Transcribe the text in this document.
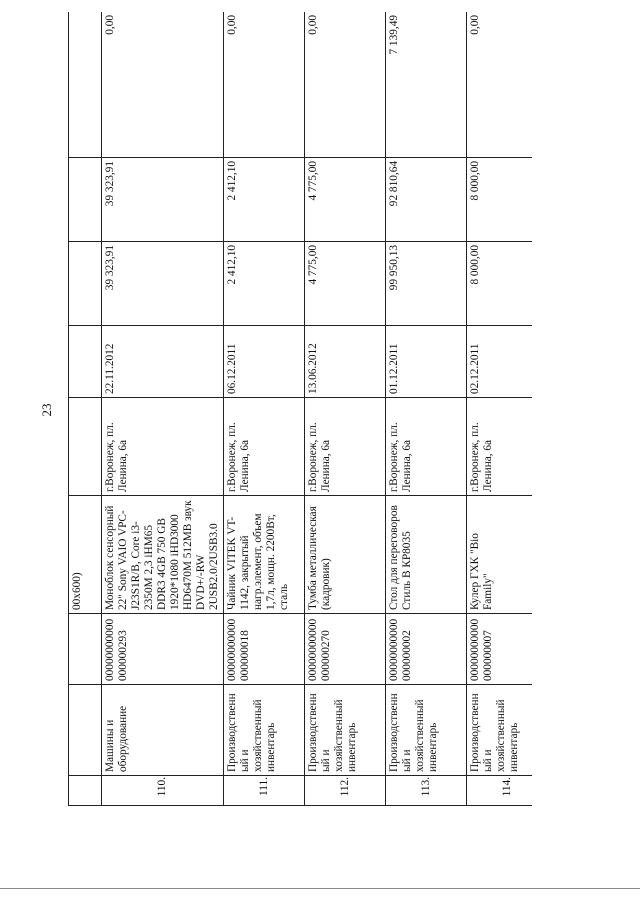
23
			00x600)					
110.	Машины и оборудование	00000000000 000000293	Моноблок сенсорный 22" Sony VAIO VPC-J23S1R/B, Core i3-2350M 2,3 iHM65 DDR3 4GB 750 GB 1920*1080 iHD3000 HD6470M 512MB звук DVD+/-RW 2USB2.0/2USB3.0	г.Воронеж, пл. Ленина, 6а	22.11.2012	39 323,91	39 323,91	0,00
111.	Производственный и хозяйственный инвентарь	00000000000 000000018	Чайник VITEK VT-1142, закрытый нагр.элемент, объем 1,7л, мощн. 2200Вт, сталь	г.Воронеж, пл. Ленина, 6а	06.12.2011	2 412,10	2 412,10	0,00
112.	Производственный и хозяйственный инвентарь	00000000000 000000270	Тумба металлическая (кадровик)	г.Воронеж, пл. Ленина, 6а	13.06.2012	4 775,00	4 775,00	0,00
113.	Производственный и хозяйственный инвентарь	00000000000 000000002	Стол для переговоров Стиль В КР8035	г.Воронеж, пл. Ленина, 6а	01.12.2011	99 950,13	92 810,64	7 139,49
114.	Производственный и хозяйственный инвентарь	00000000000 000000007	Кулер ГХК "Bio Family"	г.Воронеж, пл. Ленина, 6а	02.12.2011	8 000,00	8 000,00	0,00
